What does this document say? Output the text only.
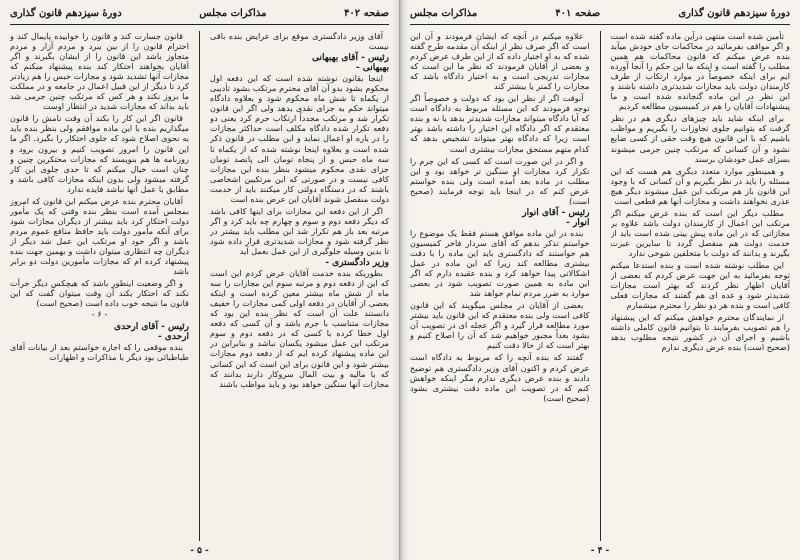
صفحه ۴۰۲
مذاکرات مجلس
دورهٔ سیزدهم قانون گذاری

آقای وزیر دادگستری موقع برای عرایض بنده باقی نیست

رئیس - آقای بهبهانی
بهبهانی -

اینجا بقانون نوشته شده است که این دفعه اول محکوم بشود بدو آن آقای محترم مرتکب بشود تأدیبی از یکماه تا شش ماه محکوم شود و بعلاوه دادگاه میتواند حکم به جزای نقدی بدهد ولی اگر این قانون تکرار شد و مرتکب مجدداً ارتکاب جرم کرد یعنی دو دفعه تکرار شده دادگاه مکلف است حداکثر مجازات را در باره او اعمال نماید و این مطلب در قانون ذکر شده است و بعلاوه اینجا نوشته شده که از یکماه تا سه ماه حبس و از پنجاه تومان الی پانصد تومان جزای نقدی محکوم میشود بنظر بنده این مجازات کافی نیست و در صورتی که این مرتکبین اشخاصی باشند که در دستگاه دولتی کار میکنند باید از خدمت دولت منفصل شوند آقایان این عرض بنده است

اگر از این دفعه این مجازات برای اینها کافی باشد که دیگر دفعه دوم و سوم و چهارم چه باید کرد و اگر مرتبه بعد باز هم تکرار شد این مطلب باید بیشتر در نظر گرفته شود و مجازات شدیدتری قرار داده شود تا بدین وسیله جلوگیری از این عمل بعمل آید

وزیر دادگستری -

بطوریکه بنده خدمت آقایان عرض کردم این است که این از دفعه دوم و مرتبه سوم این مجازات را سه ماه از شش ماه بیشتر معین کرده است و اینکه بعضی از آقایان در دفعه اولی کمی مجازات را خفیف دانستند علت آن است که نظر بنده این بود که مجازات متناسب با جرم باشد و آن کسی که دفعه اول خطا کرده با کسی که در دفعه دوم و سوم مرتکب این عمل میشود یکسان نباشد و بنابراین در این ماده پیشنهاد کرده ایم که از دفعه دوم مجازات بیشتر شود و این قانون برای این است که این کسانی که با مالیه و بیت المال سروکار دارند بدانند که مجازات آنها سنگین خواهد بود و باید مواظب باشند

قانون جسارت کند و قانون را خوابیده پایمال کند و احترام قانون را از بین ببرد و مردم آزار و مردم متجاوز باشد این قانون را از ایشان بگیرند و اگر آقایان بخواهند احتکار کند بنده پیشنهاد میکنم که مجازات آنها تشدید شود و مجازات حبس را هم زیادتر کرد تا دیگر از این قبیل اعمال در جامعه و در مملکت ما بروز نکند و هر کس که مرتکب چنین جرمی شد باید بداند که مجازات شدید در انتظار اوست

قانون اگر این کار را بکند آن وقت نامش را قانون میگذاریم بنده با این ماده موافقم ولی بنظر بنده باید به نحوی اصلاح شود که جلوی احتکار را بگیرد. اگر ما این قانون را امروز تصویب کنیم و بیرون برود و روزنامه ها هم بنویسند که مجازات محتکرین چنین و چنان است خیال میکنم که تا حدی جلوی این کار گرفته میشود ولی بدون اینکه مجازات کافی باشد و مطابق با عمل آنها نباشد فایده ندارد

آقایان محترم بنده عرض میکنم این قانون که امروز بمجلس آمده است بنظر بنده وقتی که یک مأمور دولت احتکار کرد باید بیشتر از دیگران مجازات شود برای آنکه مأمور دولت باید حافظ منافع عموم مردم باشد و اگر خود او مرتکب این عمل شد دیگر از دیگران چه انتظاری میتوان داشت و بهمین جهت بنده پیشنهاد کرده ام که مجازات مأمورین دولت دو برابر باشد

و اگر وضعیت اینطور باشد که هیچکس دیگر جرأت نکند که احتکار بکند آن وقت میتوان گفت که این قانون ما نتیجه خوب داده است (صحیح است)

- ۶ -
رئیس - آقای ارحدی
ارحدی -

بنده موقعی را که اجازه خواستم بعد از بیانات آقای طباطبائی بود دیگر با مذاکرات و اظهارات

- ۵ -
دورهٔ سیزدهم قانون گذاری
صفحه ۴۰۱
مذاکرات مجلس

تأمین شده است منتهی درآین ماده گفته شده است و اگر مواقف بفرمائید در محاکمات جای خودش میآید بنده عرض میکنم که قانون محاکمات هم همین مطلب را گفته است و اینکه ما این حکم را آنجا آورده ایم برای اینکه خصوصاً در موارد ارتکاب از طرف کارمندان دولت باید مجازات شدیدتری داشته باشند و این نظر در این ماده گنجانده شده است و ما پیشنهادات آقایان را هم در کمیسیون مطالعه کردیم

برای اینکه شاید باید چیزهای دیگری هم در نظر گرفت که بتوانیم جلوی تجاوزات را بگیریم و مواظب باشیم که با این قانون هیچ وقت حقی از کسی ضایع نشود و آن کسانی که مرتکب چنین جرمی میشوند بسزای عمل خودشان برسند

و همینطور موارد متعدد دیگری هم هست که این مسئله را باید در نظر بگیریم و آن کسانی که با وجود این قانون باز هم مرتکب این عمل میشوند دیگر هیچ عذری نخواهند داشت و مجازات آنها هم قطعی است

مطلب دیگر این است که بنده عرض میکنم اگر مرتکب این اعمال از کارمندان دولت باشد علاوه بر مجازاتی که در این ماده پیش بینی شده است باید از خدمت دولت هم منفصل گردد تا سایرین عبرت بگیرند و بدانند که دولت با متخلفین شوخی ندارد

این مطلب نوشته شده است و بنده استدعا میکنم توجه بفرمائید به این جهت عرض کردم که بعضی از آقایان اظهار نظر کردند که بهتر است مجازات شدیدتر شود و عده ای هم گفتند که مجازات فعلی کافی است و بنده هر دو نظر را محترم میشمارم

از نمایندگان محترم خواهش میکنم که این پیشنهاد را هم تصویب بفرمایند تا بتوانیم قانون کاملی داشته باشیم و اجرای آن در کشور نتیجه مطلوب بدهد (صحیح است) بنده عرض دیگری ندارم

علاوه میکنم در آنچه که ایشان فرمودند و آن این است که اگر صرف نظر از اینکه آن مقدمه طرح گفته شده که به او اختیار داده که از این طرف عرض کردم و بعضی از آقایان فرمودند که نظر ما این است که مجازات تدریجی است و به اختیار دادگاه باشد که مجازات را کمتر یا بیشتر کند

آنوقت اگر از نظر این بود که دولت و خصوصاً اگر توجه فرمودند که این مسئله مربوط به دادگاه است که آیا دادگاه میتواند مجازات شدیدتر بدهد یا نه و بنده معتقدم که اگر دادگاه این اختیار را داشته باشد بهتر است زیرا که دادگاه بهتر میتواند تشخیص بدهد که کدام متهم مستحق مجازات بیشتری است

و اگر در این صورت است که کسی که این جرم را تکرار کرد مجازات او سنگین تر خواهد بود و این مطلب در ماده بعد آمده است ولی بنده خواستم عرض کنم که در اینجا باید توجه فرمایند (صحیح است)

رئیس - آقای انوار
انوار -

بنده در این ماده موافق هستم فقط یک موضوع را خواستم تذکر بدهم که آقای سردار فاخر کمیسیون هم خواستند که دادگستری باید این ماده را با دقت بیشتری مطالعه کند زیرا که این ماده در عمل اشکالاتی پیدا خواهد کرد و بنده عقیده دارم که اگر این ماده به همین صورت تصویب شود در بعضی موارد به ضرر مردم تمام خواهد شد

بعضی از آقایان در مجلس میگویند که این قانون کافی است ولی بنده معتقدم که این قانون باید بیشتر مورد مطالعه قرار گیرد و اگر عجله ای در تصویب آن بشود بعداً مجبور خواهیم شد که آن را اصلاح کنیم و بهتر است که از حالا دقت کنیم

گفتند که بنده آنچه را که مربوط به دادگاه است عرض کردم و اکنون آقای وزیر دادگستری هم توضیح دادند و بنده عرض دیگری ندارم مگر اینکه خواهش کنم که در تصویب این ماده دقت بیشتری بشود (صحیح است)

- ۴ -
